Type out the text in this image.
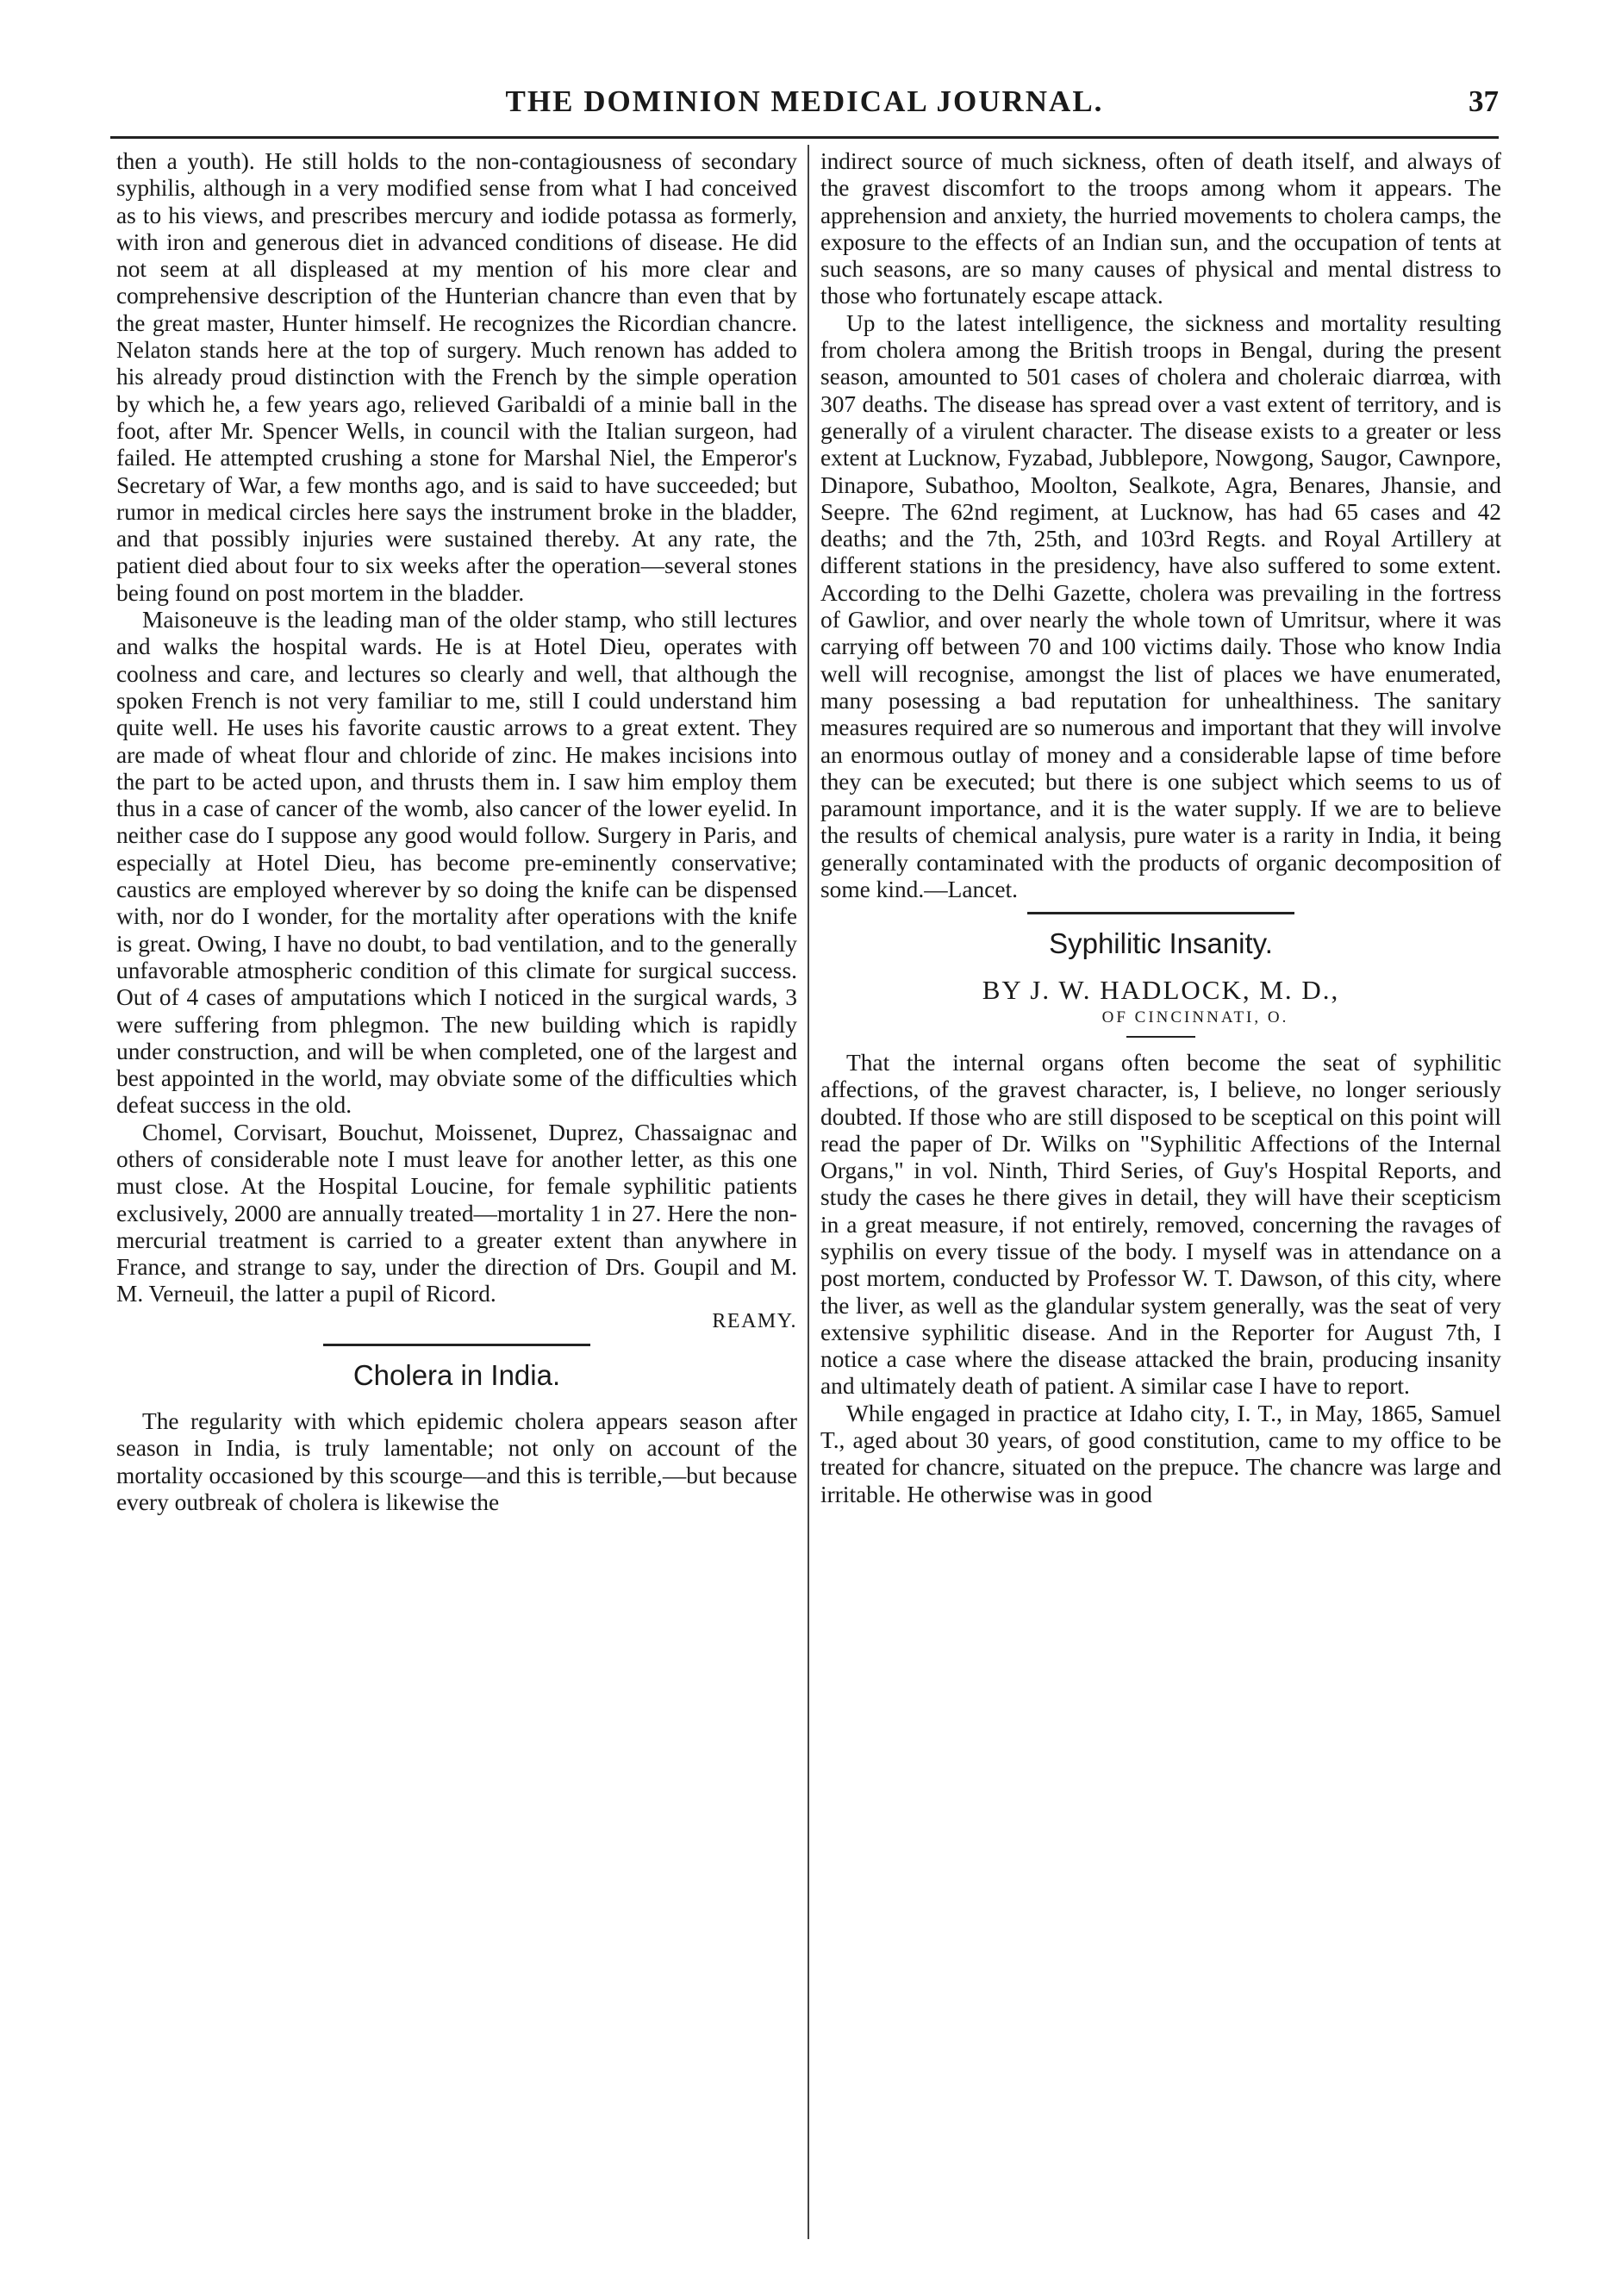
THE DOMINION MEDICAL JOURNAL.	37

then a youth). He still holds to the non-contagiousness of secondary syphilis, although in a very modified sense from what I had conceived as to his views, and prescribes mercury and iodide potassa as formerly, with iron and generous diet in advanced conditions of disease. He did not seem at all displeased at my mention of his more clear and comprehensive description of the Hunterian chancre than even that by the great master, Hunter himself. He recognizes the Ricordian chancre. Nelaton stands here at the top of surgery. Much renown has added to his already proud distinction with the French by the simple operation by which he, a few years ago, relieved Garibaldi of a minie ball in the foot, after Mr. Spencer Wells, in council with the Italian surgeon, had failed. He attempted crushing a stone for Marshal Niel, the Emperor's Secretary of War, a few months ago, and is said to have succeeded; but rumor in medical circles here says the instrument broke in the bladder, and that possibly injuries were sustained thereby. At any rate, the patient died about four to six weeks after the operation—several stones being found on post mortem in the bladder.

Maisoneuve is the leading man of the older stamp, who still lectures and walks the hospital wards. He is at Hotel Dieu, operates with coolness and care, and lectures so clearly and well, that although the spoken French is not very familiar to me, still I could understand him quite well. He uses his favorite caustic arrows to a great extent. They are made of wheat flour and chloride of zinc. He makes incisions into the part to be acted upon, and thrusts them in. I saw him employ them thus in a case of cancer of the womb, also cancer of the lower eyelid. In neither case do I suppose any good would follow. Surgery in Paris, and especially at Hotel Dieu, has become pre-eminently conservative; caustics are employed wherever by so doing the knife can be dispensed with, nor do I wonder, for the mortality after operations with the knife is great. Owing, I have no doubt, to bad ventilation, and to the generally unfavorable atmospheric condition of this climate for surgical success. Out of 4 cases of amputations which I noticed in the surgical wards, 3 were suffering from phlegmon. The new building which is rapidly under construction, and will be when completed, one of the largest and best appointed in the world, may obviate some of the difficulties which defeat success in the old.

Chomel, Corvisart, Bouchut, Moissenet, Duprez, Chassaignac and others of considerable note I must leave for another letter, as this one must close. At the Hospital Loucine, for female syphilitic patients exclusively, 2000 are annually treated—mortality 1 in 27. Here the non-mercurial treatment is carried to a greater extent than anywhere in France, and strange to say, under the direction of Drs. Goupil and M. M. Verneuil, the latter a pupil of Ricord.

REAMY.

Cholera in India.

The regularity with which epidemic cholera appears season after season in India, is truly lamentable; not only on account of the mortality occasioned by this scourge—and this is terrible,—but because every outbreak of cholera is likewise the

indirect source of much sickness, often of death itself, and always of the gravest discomfort to the troops among whom it appears. The apprehension and anxiety, the hurried movements to cholera camps, the exposure to the effects of an Indian sun, and the occupation of tents at such seasons, are so many causes of physical and mental distress to those who fortunately escape attack.

Up to the latest intelligence, the sickness and mortality resulting from cholera among the British troops in Bengal, during the present season, amounted to 501 cases of cholera and choleraic diarrœa, with 307 deaths. The disease has spread over a vast extent of territory, and is generally of a virulent character. The disease exists to a greater or less extent at Lucknow, Fyzabad, Jubblepore, Nowgong, Saugor, Cawnpore, Dinapore, Subathoo, Moolton, Sealkote, Agra, Benares, Jhansie, and Seepre. The 62nd regiment, at Lucknow, has had 65 cases and 42 deaths; and the 7th, 25th, and 103rd Regts. and Royal Artillery at different stations in the presidency, have also suffered to some extent. According to the Delhi Gazette, cholera was prevailing in the fortress of Gawlior, and over nearly the whole town of Umritsur, where it was carrying off between 70 and 100 victims daily. Those who know India well will recognise, amongst the list of places we have enumerated, many posessing a bad reputation for unhealthiness. The sanitary measures required are so numerous and important that they will involve an enormous outlay of money and a considerable lapse of time before they can be executed; but there is one subject which seems to us of paramount importance, and it is the water supply. If we are to believe the results of chemical analysis, pure water is a rarity in India, it being generally contaminated with the products of organic decomposition of some kind.—Lancet.

Syphilitic Insanity.
BY J. W. HADLOCK, M. D.,
OF CINCINNATI, O.

That the internal organs often become the seat of syphilitic affections, of the gravest character, is, I believe, no longer seriously doubted. If those who are still disposed to be sceptical on this point will read the paper of Dr. Wilks on "Syphilitic Affections of the Internal Organs," in vol. Ninth, Third Series, of Guy's Hospital Reports, and study the cases he there gives in detail, they will have their scepticism in a great measure, if not entirely, removed, concerning the ravages of syphilis on every tissue of the body. I myself was in attendance on a post mortem, conducted by Professor W. T. Dawson, of this city, where the liver, as well as the glandular system generally, was the seat of very extensive syphilitic disease. And in the Reporter for August 7th, I notice a case where the disease attacked the brain, producing insanity and ultimately death of patient. A similar case I have to report.

While engaged in practice at Idaho city, I. T., in May, 1865, Samuel T., aged about 30 years, of good constitution, came to my office to be treated for chancre, situated on the prepuce. The chancre was large and irritable. He otherwise was in good
